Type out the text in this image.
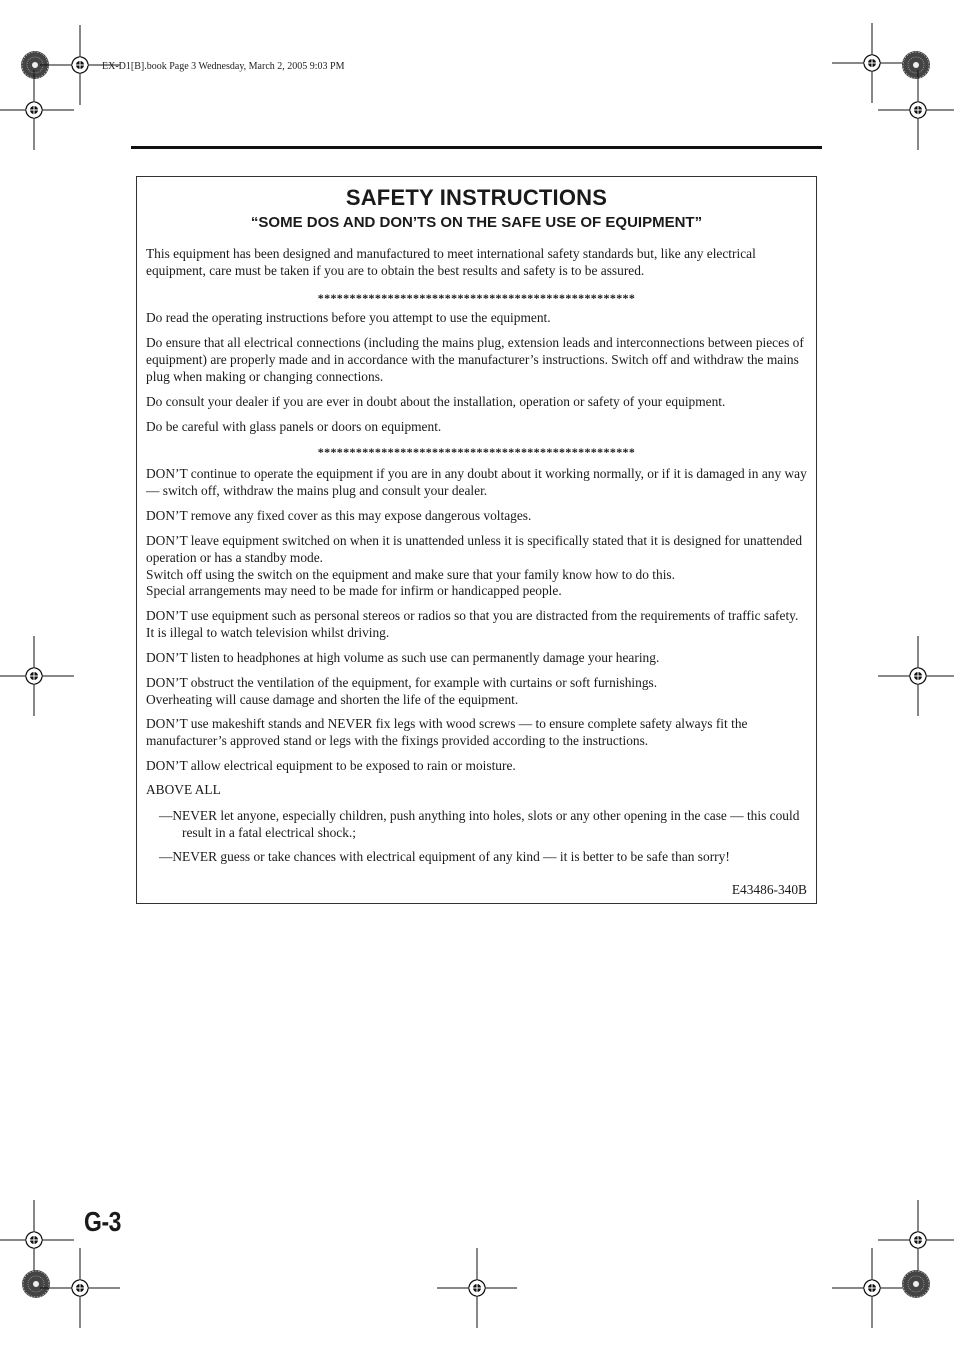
EX-D1[B].book Page 3 Wednesday, March 2, 2005 9:03 PM
SAFETY INSTRUCTIONS
“SOME DOS AND DON’TS ON THE SAFE USE OF EQUIPMENT”

This equipment has been designed and manufactured to meet international safety standards but, like any electrical equipment, care must be taken if you are to obtain the best results and safety is to be assured.

**************************************************

Do read the operating instructions before you attempt to use the equipment.

Do ensure that all electrical connections (including the mains plug, extension leads and interconnections between pieces of equipment) are properly made and in accordance with the manufacturer’s instructions. Switch off and withdraw the mains plug when making or changing connections.

Do consult your dealer if you are ever in doubt about the installation, operation or safety of your equipment.

Do be careful with glass panels or doors on equipment.

**************************************************

DON’T continue to operate the equipment if you are in any doubt about it working normally, or if it is damaged in any way — switch off, withdraw the mains plug and consult your dealer.

DON’T remove any fixed cover as this may expose dangerous voltages.

DON’T leave equipment switched on when it is unattended unless it is specifically stated that it is designed for unattended operation or has a standby mode.

Switch off using the switch on the equipment and make sure that your family know how to do this.

Special arrangements may need to be made for infirm or handicapped people.

DON’T use equipment such as personal stereos or radios so that you are distracted from the requirements of traffic safety. It is illegal to watch television whilst driving.

DON’T listen to headphones at high volume as such use can permanently damage your hearing.

DON’T obstruct the ventilation of the equipment, for example with curtains or soft furnishings.

Overheating will cause damage and shorten the life of the equipment.

DON’T use makeshift stands and NEVER fix legs with wood screws — to ensure complete safety always fit the manufacturer’s approved stand or legs with the fixings provided according to the instructions.

DON’T allow electrical equipment to be exposed to rain or moisture.

ABOVE ALL

—NEVER let anyone, especially children, push anything into holes, slots or any other opening in the case — this could result in a fatal electrical shock.;

—NEVER guess or take chances with electrical equipment of any kind — it is better to be safe than sorry!

E43486-340B
G-3
